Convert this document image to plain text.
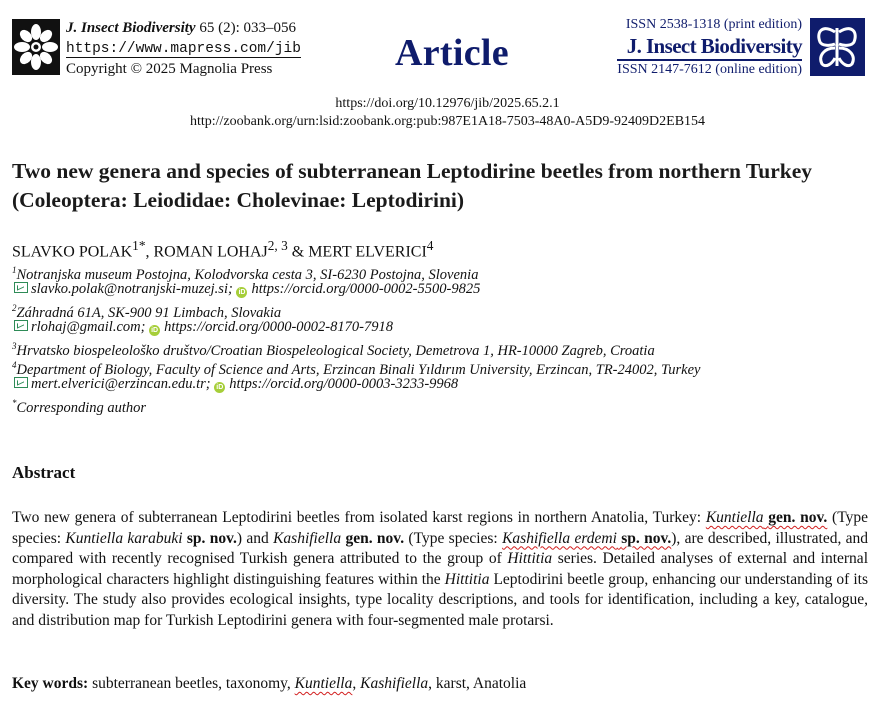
J. Insect Biodiversity 65 (2): 033–056
https://www.mapress.com/jib
Copyright © 2025 Magnolia Press	Article
ISSN 2538-1318 (print edition)
J. Insect Biodiversity
ISSN 2147-7612 (online edition)
https://doi.org/10.12976/jib/2025.65.2.1
http://zoobank.org/urn:lsid:zoobank.org:pub:987E1A18-7503-48A0-A5D9-92409D2EB154
Two new genera and species of subterranean Leptodirine beetles from northern Turkey (Coleoptera: Leiodidae: Cholevinae: Leptodirini)
SLAVKO $POLAK^{1*}$, ROMAN LOHAJ$^{2, 3}$ & MERT ELVERICI$^4$
$^1$Notranjska museum Postojna, Kolodvorska cesta 3, SI-6230 Postojna, Slovenia
slavko.polak@notranjski-muzej.si; iD https://orcid.org/0000-0002-5500-9825
$^2$Záhradná 61A, SK-900 91 Limbach, Slovakia
rlohaj@gmail.com; iD https://orcid.org/0000-0002-8170-7918
$^3$Hrvatsko biospeleološko društvo/Croatian Biospeleological Society, Demetrova 1, HR-10000 Zagreb, Croatia
$^4$Department of Biology, Faculty of Science and Arts, Erzincan Binali Yıldırım University, Erzincan, TR-24002, Turkey
mert.elverici@erzincan.edu.tr; iD https://orcid.org/0000-0003-3233-9968
*Corresponding author
Abstract
Two new genera of subterranean Leptodirini beetles from isolated karst regions in northern Anatolia, Turkey: Kuntiella gen. nov. (Type species: Kuntiella karabuki sp. nov.) and Kashifiella gen. nov. (Type species: Kashifiella erdemi sp. nov.), are described, illustrated, and compared with recently recognised Turkish genera attributed to the group of Hittitia series. Detailed analyses of external and internal morphological characters highlight distinguishing features within the Hittitia Leptodirini beetle group, enhancing our understanding of its diversity. The study also provides ecological insights, type locality descriptions, and tools for identification, including a key, catalogue, and distribution map for Turkish Leptodirini genera with four-segmented male protarsi.
Key words: subterranean beetles, taxonomy, Kuntiella, Kashifiella, karst, Anatolia
